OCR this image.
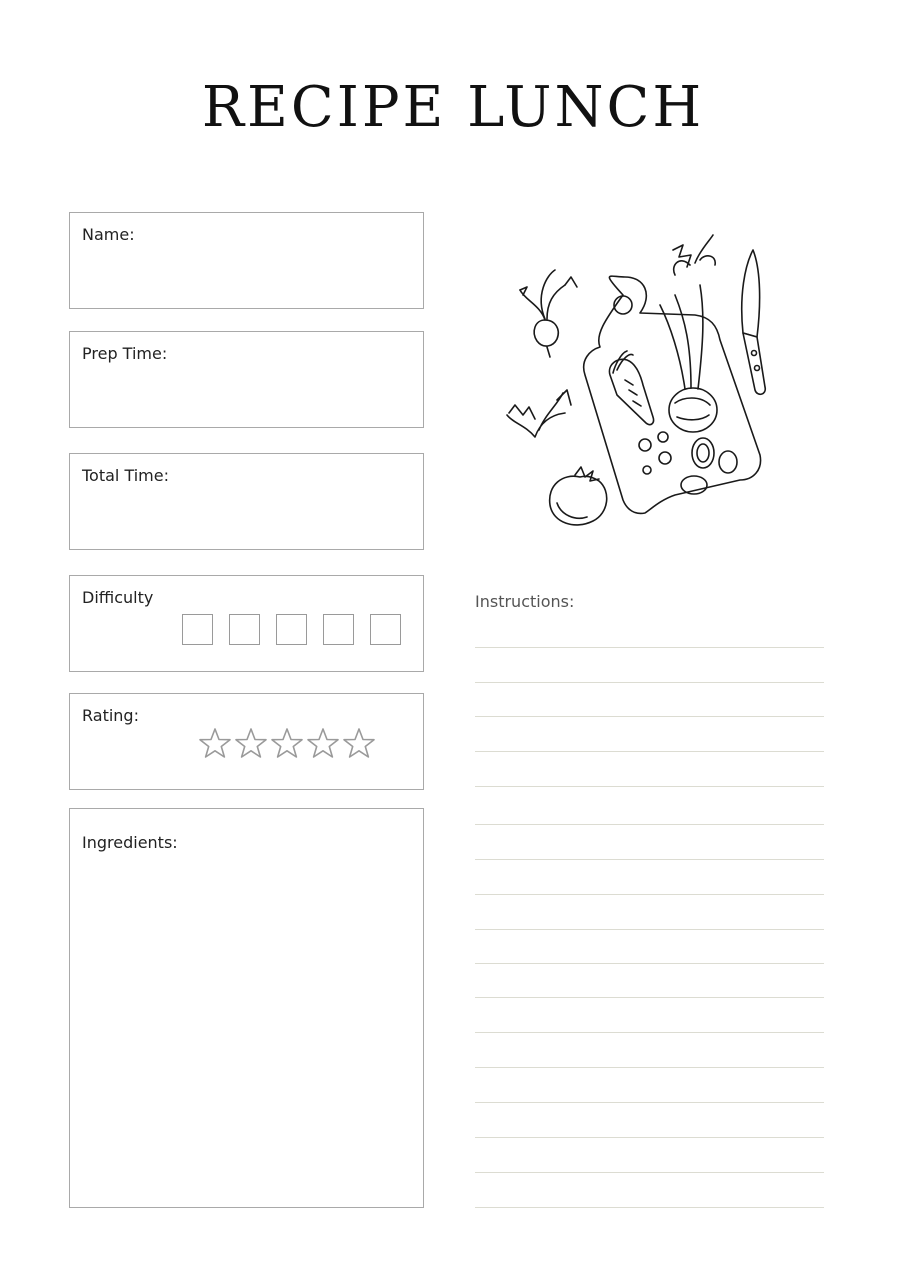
RECIPE LUNCH
Name:
Prep Time:
Total Time:
Difficulty
Rating:
Ingredients:
Instructions:
